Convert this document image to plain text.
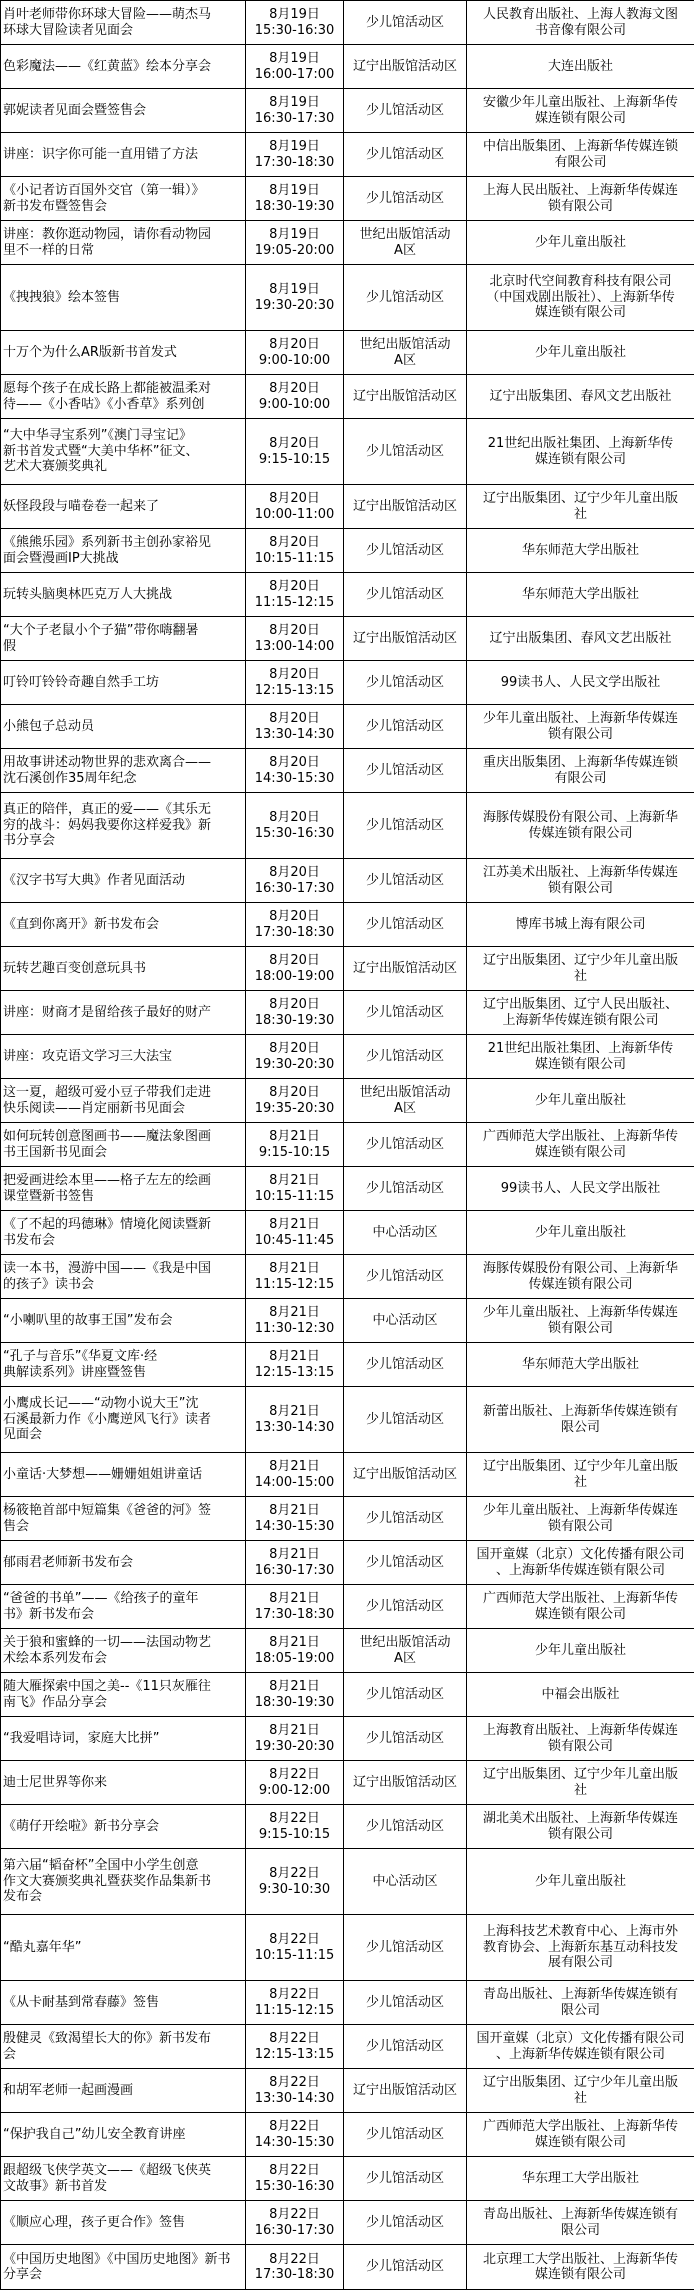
肖叶老师带你环球大冒险——萌杰马
环球大冒险读者见面会	8月19日
15:30-16:30	少儿馆活动区	人民教育出版社、上海人教海文图
书音像有限公司

色彩魔法——《红黄蓝》绘本分享会	8月19日
16:00-17:00	辽宁出版馆活动区	大连出版社

郭妮读者见面会暨签售会	8月19日
16:30-17:30	少儿馆活动区	安徽少年儿童出版社、上海新华传
媒连锁有限公司

讲座：识字你可能一直用错了方法	8月19日
17:30-18:30	少儿馆活动区	中信出版集团、上海新华传媒连锁
有限公司

《小记者访百国外交官（第一辑）》
新书发布暨签售会	8月19日
18:30-19:30	少儿馆活动区	上海人民出版社、上海新华传媒连
锁有限公司

讲座：教你逛动物园，请你看动物园
里不一样的日常	8月19日
19:05-20:00	世纪出版馆活动
A区	少年儿童出版社

《拽拽狼》绘本签售	8月19日
19:30-20:30	少儿馆活动区	北京时代空间教育科技有限公司
（中国戏剧出版社）、上海新华传
媒连锁有限公司

十万个为什么AR版新书首发式	8月20日
9:00-10:00	世纪出版馆活动
A区	少年儿童出版社

愿每个孩子在成长路上都能被温柔对
待——《小香咕》《小香草》系列创	8月20日
9:00-10:00	辽宁出版馆活动区	辽宁出版集团、春风文艺出版社

“大中华寻宝系列”《澳门寻宝记》
新书首发式暨“大美中华杯”征文、
艺术大赛颁奖典礼	8月20日
9:15-10:15	少儿馆活动区	21世纪出版社集团、上海新华传
媒连锁有限公司

妖怪段段与喵卷卷一起来了	8月20日
10:00-11:00	辽宁出版馆活动区	辽宁出版集团、辽宁少年儿童出版
社

《熊熊乐园》系列新书主创孙家裕见
面会暨漫画IP大挑战	8月20日
10:15-11:15	少儿馆活动区	华东师范大学出版社

玩转头脑奥林匹克万人大挑战	8月20日
11:15-12:15	少儿馆活动区	华东师范大学出版社

“大个子老鼠小个子猫”带你嗨翻暑
假	8月20日
13:00-14:00	辽宁出版馆活动区	辽宁出版集团、春风文艺出版社

叮铃叮铃铃奇趣自然手工坊	8月20日
12:15-13:15	少儿馆活动区	99读书人、人民文学出版社

小熊包子总动员	8月20日
13:30-14:30	少儿馆活动区	少年儿童出版社、上海新华传媒连
锁有限公司

用故事讲述动物世界的悲欢离合——
沈石溪创作35周年纪念	8月20日
14:30-15:30	少儿馆活动区	重庆出版集团、上海新华传媒连锁
有限公司

真正的陪伴，真正的爱——《其乐无
穷的战斗：妈妈我要你这样爱我》新
书分享会	8月20日
15:30-16:30	少儿馆活动区	海豚传媒股份有限公司、上海新华
传媒连锁有限公司

《汉字书写大典》作者见面活动	8月20日
16:30-17:30	少儿馆活动区	江苏美术出版社、上海新华传媒连
锁有限公司

《直到你离开》新书发布会	8月20日
17:30-18:30	少儿馆活动区	博库书城上海有限公司

玩转艺趣百变创意玩具书	8月20日
18:00-19:00	辽宁出版馆活动区	辽宁出版集团、辽宁少年儿童出版
社

讲座：财商才是留给孩子最好的财产	8月20日
18:30-19:30	少儿馆活动区	辽宁出版集团、辽宁人民出版社、
上海新华传媒连锁有限公司

讲座：攻克语文学习三大法宝	8月20日
19:30-20:30	少儿馆活动区	21世纪出版社集团、上海新华传
媒连锁有限公司

这一夏，超级可爱小豆子带我们走进
快乐阅读——肖定丽新书见面会	8月20日
19:35-20:30	世纪出版馆活动
A区	少年儿童出版社

如何玩转创意图画书——魔法象图画
书王国新书见面会	8月21日
9:15-10:15	少儿馆活动区	广西师范大学出版社、上海新华传
媒连锁有限公司

把爱画进绘本里——格子左左的绘画
课堂暨新书签售	8月21日
10:15-11:15	少儿馆活动区	99读书人、人民文学出版社

《了不起的玛德琳》情境化阅读暨新
书发布会	8月21日
10:45-11:45	中心活动区	少年儿童出版社

读一本书，漫游中国——《我是中国
的孩子》读书会	8月21日
11:15-12:15	少儿馆活动区	海豚传媒股份有限公司、上海新华
传媒连锁有限公司

“小喇叭里的故事王国”发布会	8月21日
11:30-12:30	中心活动区	少年儿童出版社、上海新华传媒连
锁有限公司

“孔子与音乐”《华夏文库·经
典解读系列》讲座暨签售	8月21日
12:15-13:15	少儿馆活动区	华东师范大学出版社

小鹰成长记——“动物小说大王”沈
石溪最新力作《小鹰逆风飞行》读者
见面会	8月21日
13:30-14:30	少儿馆活动区	新蕾出版社、上海新华传媒连锁有
限公司

小童话·大梦想——姗姗姐姐讲童话	8月21日
14:00-15:00	辽宁出版馆活动区	辽宁出版集团、辽宁少年儿童出版
社

杨筱艳首部中短篇集《爸爸的河》签
售会	8月21日
14:30-15:30	少儿馆活动区	少年儿童出版社、上海新华传媒连
锁有限公司

郁雨君老师新书发布会	8月21日
16:30-17:30	少儿馆活动区	国开童媒（北京）文化传播有限公司
、上海新华传媒连锁有限公司

“爸爸的书单”——《给孩子的童年
书》新书发布会	8月21日
17:30-18:30	少儿馆活动区	广西师范大学出版社、上海新华传
媒连锁有限公司

关于狼和蜜蜂的一切——法国动物艺
术绘本系列发布会	8月21日
18:05-19:00	世纪出版馆活动
A区	少年儿童出版社

随大雁探索中国之美--《11只灰雁往
南飞》作品分享会	8月21日
18:30-19:30	少儿馆活动区	中福会出版社

“我爱唱诗词，家庭大比拼”	8月21日
19:30-20:30	少儿馆活动区	上海教育出版社、上海新华传媒连
锁有限公司

迪士尼世界等你来	8月22日
9:00-12:00	辽宁出版馆活动区	辽宁出版集团、辽宁少年儿童出版
社

《萌仔开绘啦》新书分享会	8月22日
9:15-10:15	少儿馆活动区	湖北美术出版社、上海新华传媒连
锁有限公司

第六届“韬奋杯”全国中小学生创意
作文大赛颁奖典礼暨获奖作品集新书
发布会	8月22日
9:30-10:30	中心活动区	少年儿童出版社

“酷丸嘉年华”	8月22日
10:15-11:15	少儿馆活动区	上海科技艺术教育中心、上海市外
教育协会、上海新东基互动科技发
展有限公司

《从卡耐基到常春藤》签售	8月22日
11:15-12:15	少儿馆活动区	青岛出版社、上海新华传媒连锁有
限公司

殷健灵《致渴望长大的你》新书发布
会	8月22日
12:15-13:15	少儿馆活动区	国开童媒（北京）文化传播有限公司
、上海新华传媒连锁有限公司

和胡军老师一起画漫画	8月22日
13:30-14:30	辽宁出版馆活动区	辽宁出版集团、辽宁少年儿童出版
社

“保护我自己”幼儿安全教育讲座	8月22日
14:30-15:30	少儿馆活动区	广西师范大学出版社、上海新华传
媒连锁有限公司

跟超级飞侠学英文——《超级飞侠英
文故事》新书首发	8月22日
15:30-16:30	少儿馆活动区	华东理工大学出版社

《顺应心理，孩子更合作》签售	8月22日
16:30-17:30	少儿馆活动区	青岛出版社、上海新华传媒连锁有
限公司

《中国历史地图》《中国历史地图》新书
分享会	8月22日
17:30-18:30	少儿馆活动区	北京理工大学出版社、上海新华传
媒连锁有限公司
